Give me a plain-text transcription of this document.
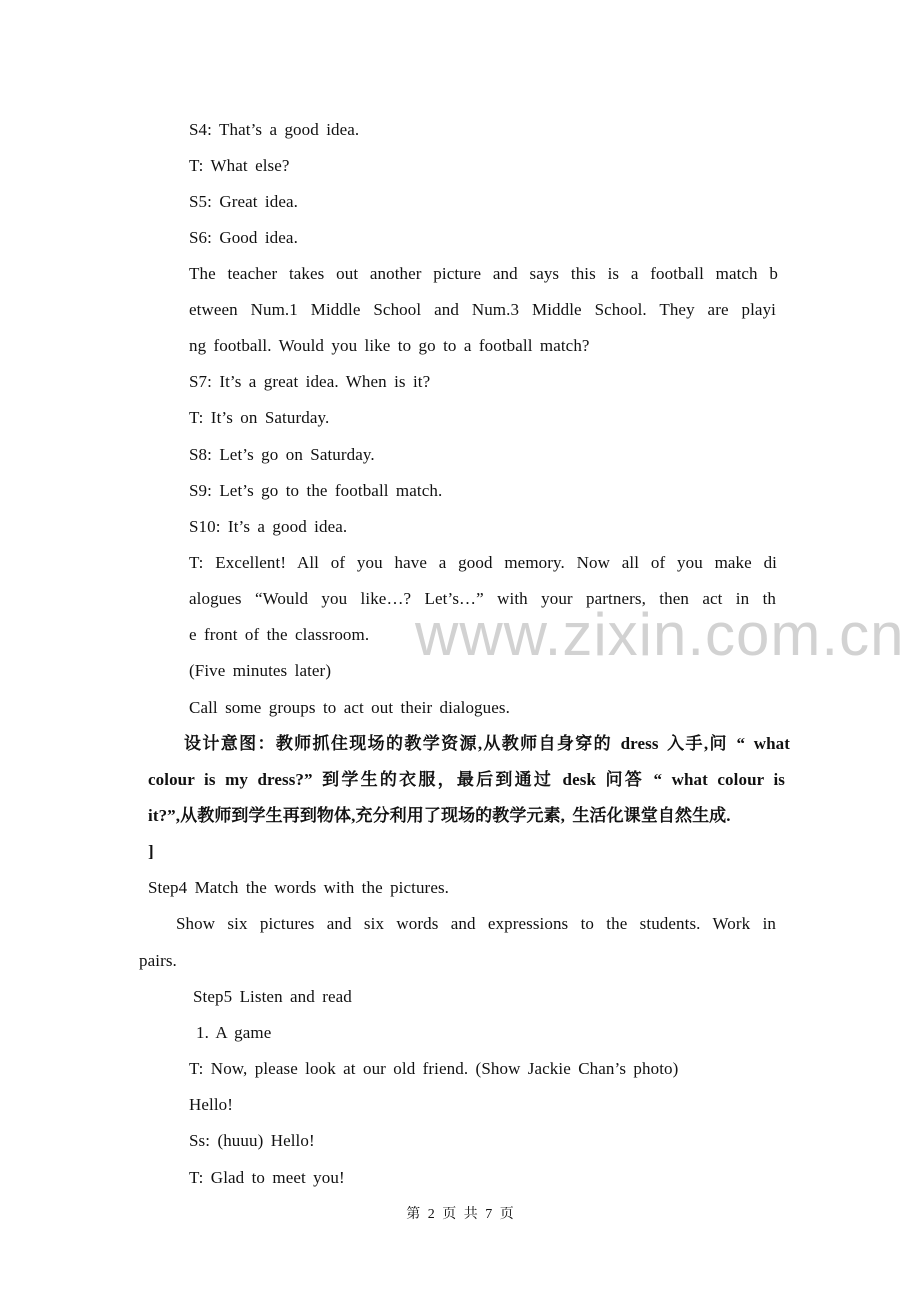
S4: That’s a good idea.
T: What else?
S5: Great idea.
S6: Good idea.
The teacher takes out another picture and says this is a football match b
etween Num.1 Middle School and Num.3 Middle School. They are playi
ng football. Would you like to go to a football match?
S7: It’s a great idea. When is it?
T: It’s on Saturday.
S8: Let’s go on Saturday.
S9: Let’s go to the football match.
S10: It’s a good idea.
T: Excellent! All of you have a good memory. Now all of you make di
alogues “Would you like…? Let’s…” with your partners, then act in th
e front of the classroom. www.zixin.com.cn
(Five minutes later)
Call some groups to act out their dialogues.
设计意图：教师抓住现场的教学资源,从教师自身穿的 dress 入手,问 “ what
colour is my dress?” 到学生的衣服，最后到通过 desk 问答 “ what colour is
it?”,从教师到学生再到物体,充分利用了现场的教学元素, 生活化课堂自然生成.
]
Step4 Match the words with the pictures.
Show six pictures and six words and expressions to the students. Work in
pairs.
Step5 Listen and read
1. A game
T: Now, please look at our old friend. (Show Jackie Chan’s photo)
Hello!
Ss: (huuu) Hello!
T: Glad to meet you!
第 2 页 共 7 页
